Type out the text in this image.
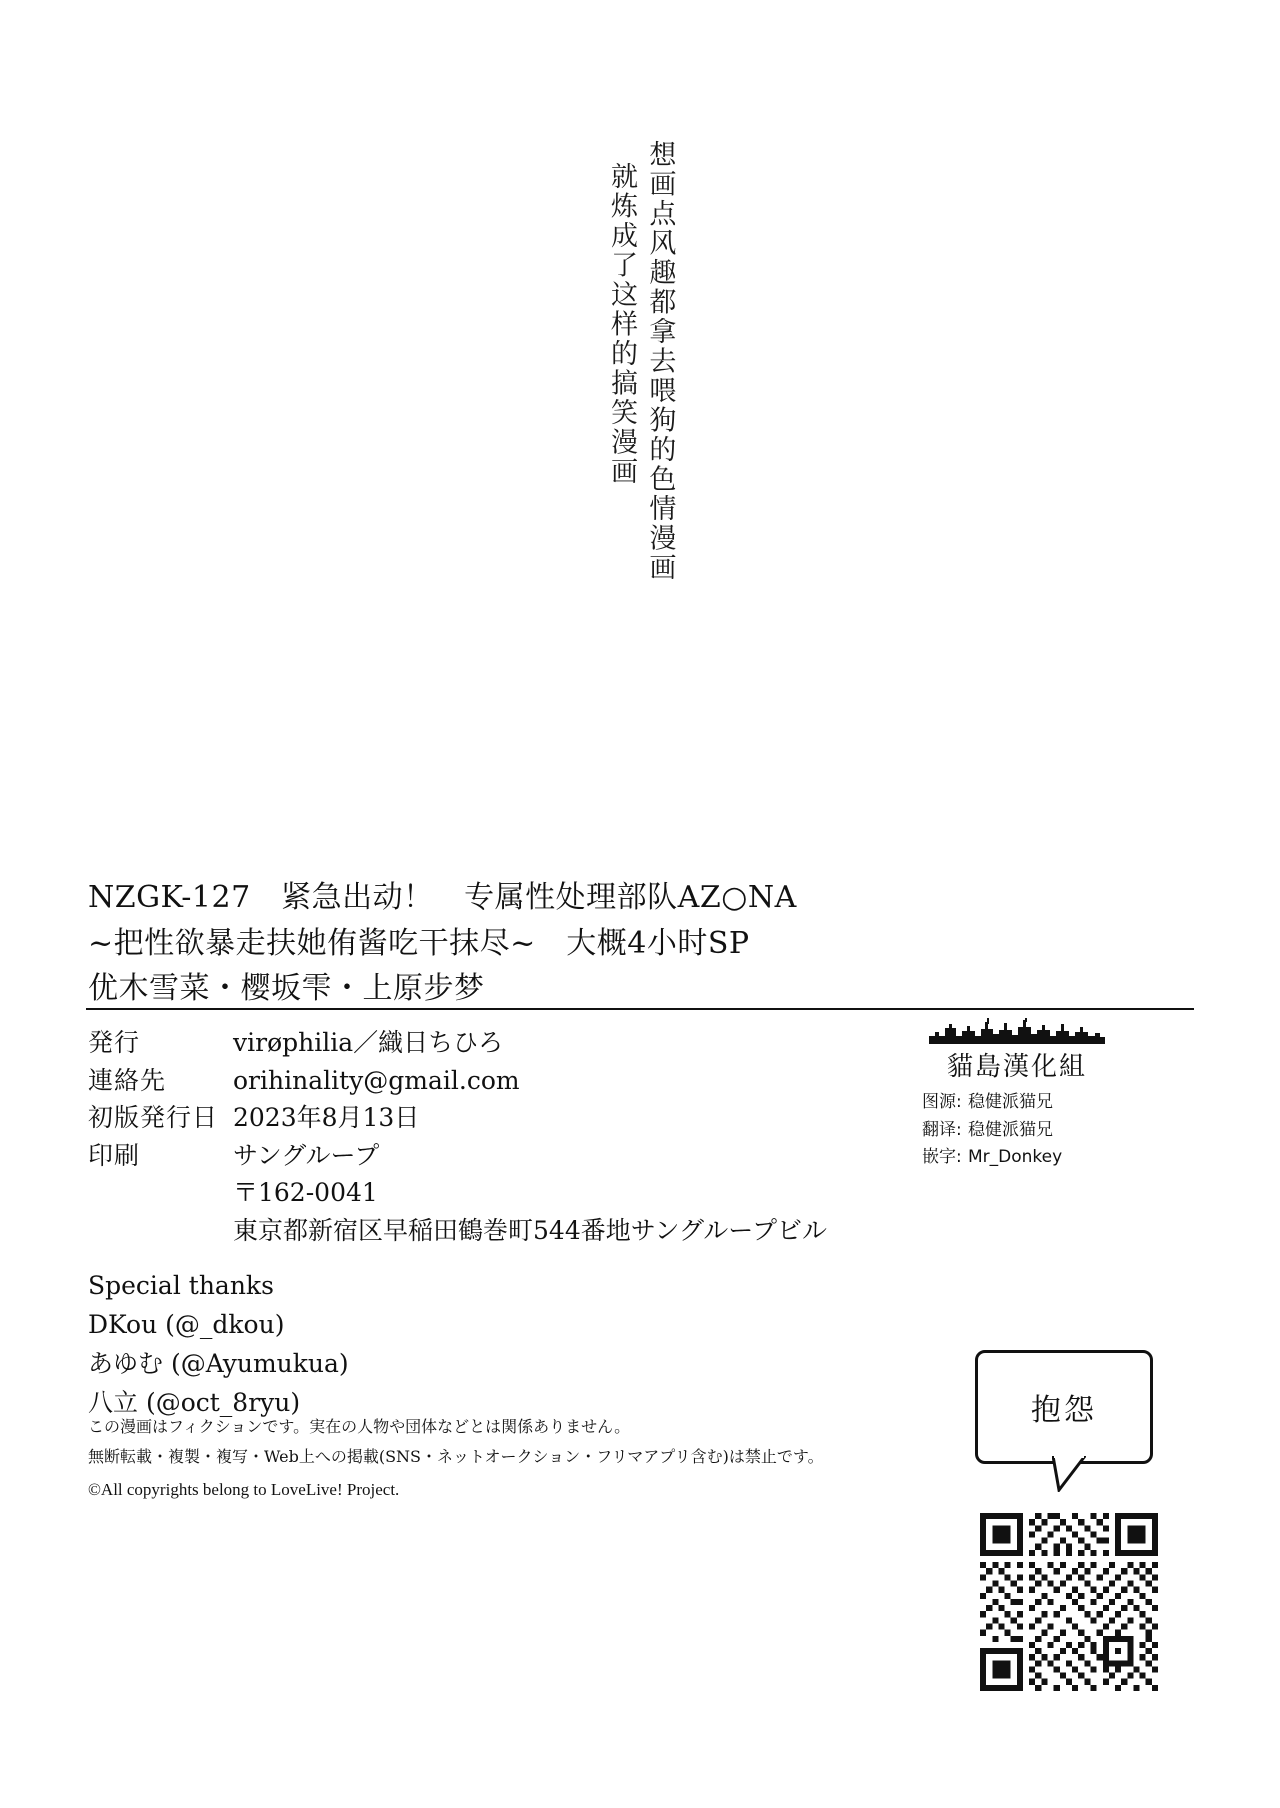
想画点风趣都拿去喂狗的色情漫画
就炼成了这样的搞笑漫画
NZGK-127　紧急出动！　专属性处理部队AZ○NA
~把性欲暴走扶她侑酱吃干抹尽~　大概4小时SP
优木雪菜・樱坂雫・上原步梦
発行	virøphilia／織日ちひろ
連絡先	orihinality@gmail.com
初版発行日 2023年8月13日
印刷	サングループ
〒162-0041
東京都新宿区早稲田鶴巻町544番地サングループビル
Special thanks
DKou (@_dkou)
あゆむ (@Ayumukua)
八立 (@oct_8ryu)
この漫画はフィクションです。実在の人物や団体などとは関係ありません。
無断転載・複製・複写・Web上への掲載(SNS・ネットオークション・フリマアプリ含む)は禁止です。
©All copyrights belong to LoveLive! Project.
貓島漢化組
图源: 稳健派猫兄
翻译: 稳健派猫兄
嵌字: Mr_Donkey
抱怨
